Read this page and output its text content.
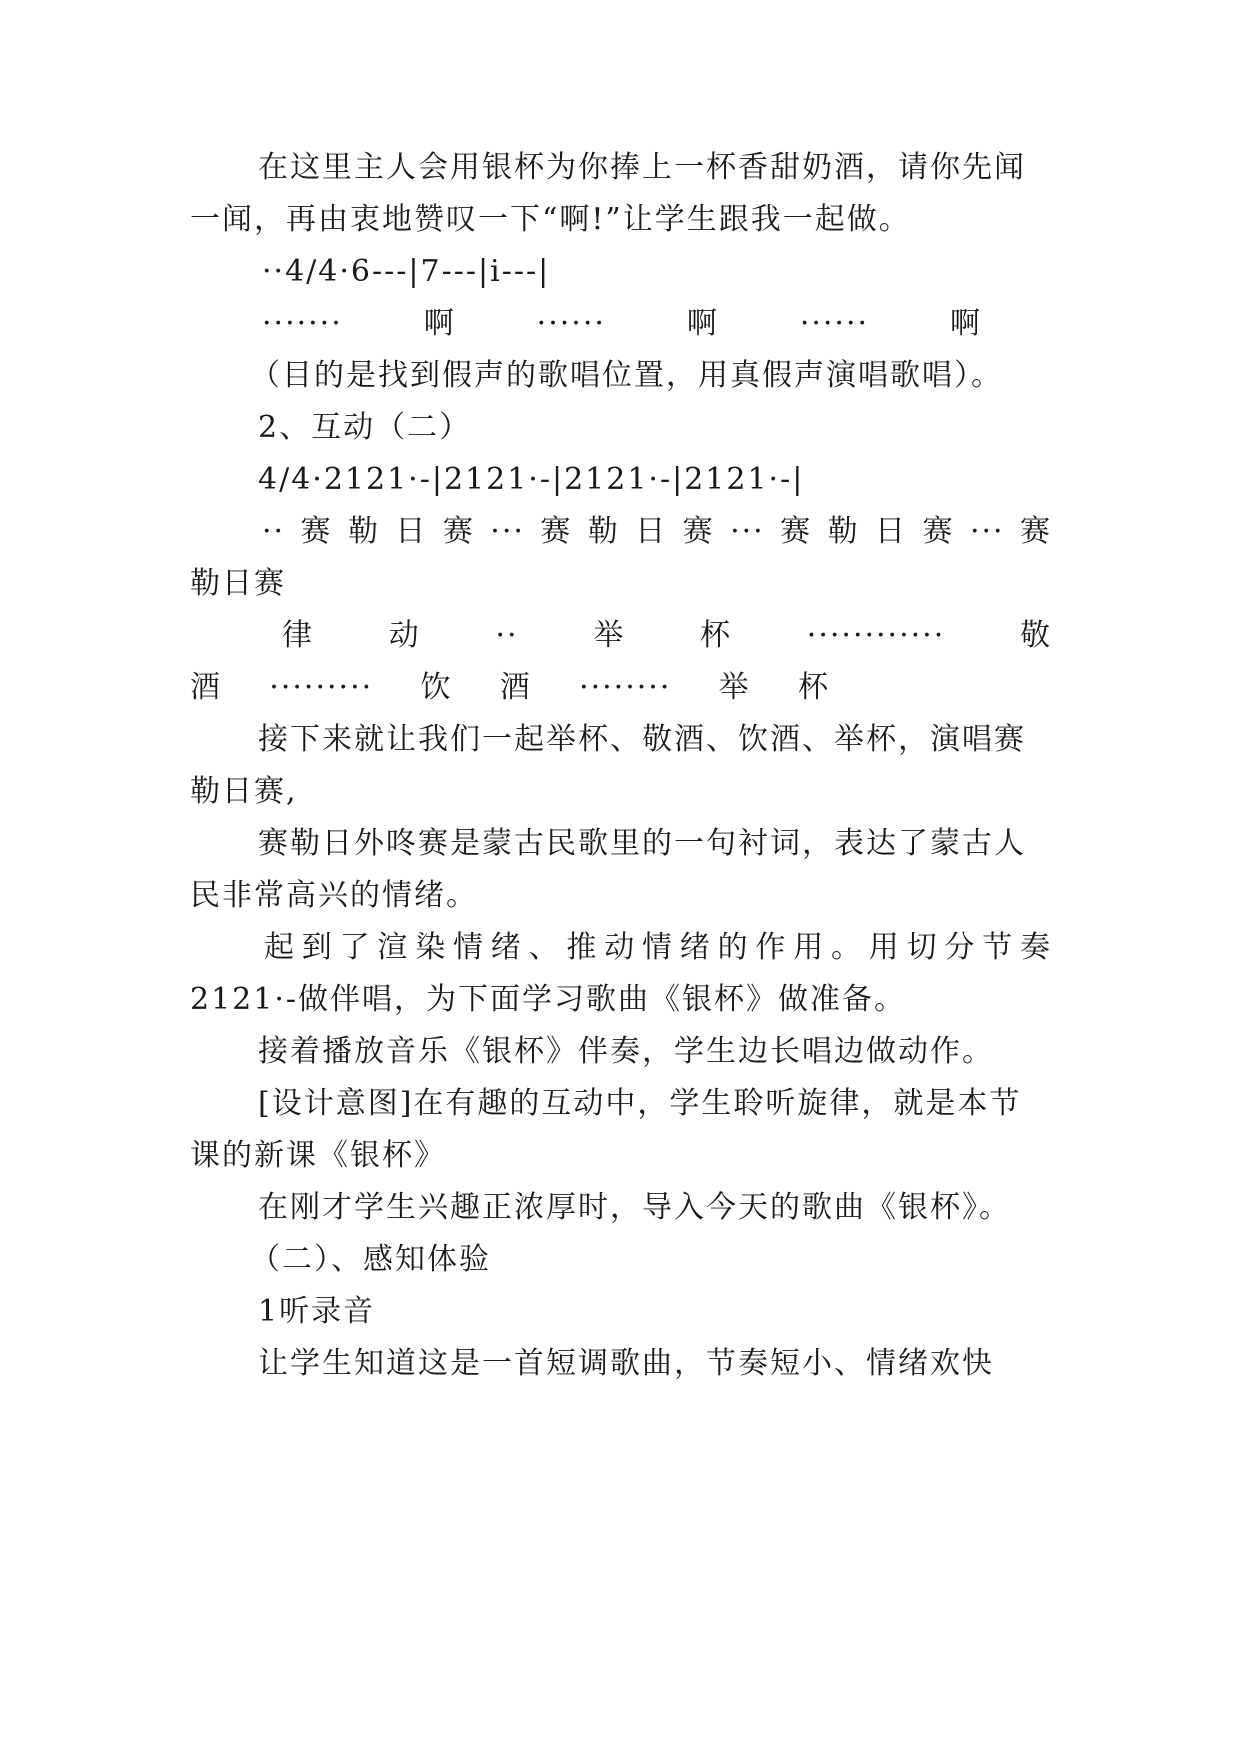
在这里主人会用银杯为你捧上一杯香甜奶酒，请你先闻
一闻，再由衷地赞叹一下“啊!”让学生跟我一起做。
··4/4·6---|7---|i---|
·······啊······啊······啊
（目的是找到假声的歌唱位置，用真假声演唱歌唱）。
2、互动（二）
4/4·2121·-|2121·-|2121·-|2121·-|
··赛勒日赛···赛勒日赛···赛勒日赛···赛
勒日赛
律动··举杯············敬
酒·········饮酒········举杯
接下来就让我们一起举杯、敬酒、饮酒、举杯，演唱赛
勒日赛,
赛勒日外咚赛是蒙古民歌里的一句衬词，表达了蒙古人
民非常高兴的情绪。
起到了渲染情绪、推动情绪的作用。用切分节奏
2121·-做伴唱，为下面学习歌曲《银杯》做准备。
接着播放音乐《银杯》伴奏，学生边长唱边做动作。
[设计意图]在有趣的互动中，学生聆听旋律，就是本节
课的新课《银杯》
在刚才学生兴趣正浓厚时，导入今天的歌曲《银杯》。
（二）、感知体验
1听录音
让学生知道这是一首短调歌曲，节奏短小、情绪欢快
